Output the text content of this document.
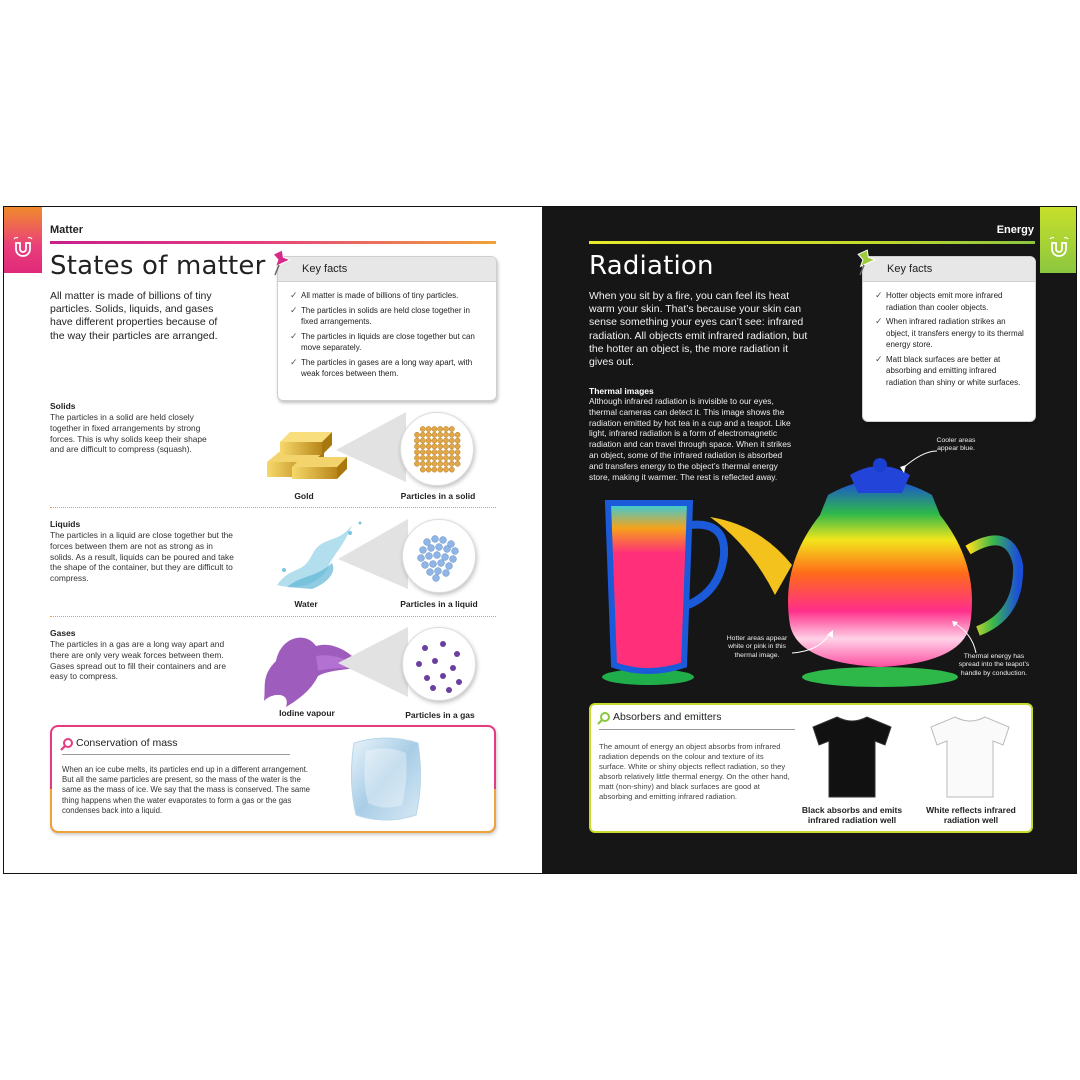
Matter
States of matter
All matter is made of billions of tiny particles. Solids, liquids, and gases have different properties because of the way their particles are arranged.
Key facts
✓ All matter is made of billions of tiny particles.
✓ The particles in solids are held close together in fixed arrangements.
✓ The particles in liquids are close together but can move separately.
✓ The particles in gases are a long way apart, with weak forces between them.
Solids
The particles in a solid are held closely together in fixed arrangements by strong forces. This is why solids keep their shape and are difficult to compress (squash).
Gold	Particles in a solid
Liquids
The particles in a liquid are close together but the forces between them are not as strong as in solids. As a result, liquids can be poured and take the shape of the container, but they are difficult to compress.
Water	Particles in a liquid
Gases
The particles in a gas are a long way apart and there are only very weak forces between them. Gases spread out to fill their containers and are easy to compress.
Iodine vapour	Particles in a gas
Conservation of mass
When an ice cube melts, its particles end up in a different arrangement. But all the same particles are present, so the mass of the water is the same as the mass of ice. We say that the mass is conserved. The same thing happens when the water evaporates to form a gas or the gas condenses back into a liquid.
Energy
Radiation
When you sit by a fire, you can feel its heat warm your skin. That’s because your skin can sense something your eyes can’t see: infrared radiation. All objects emit infrared radiation, but the hotter an object is, the more radiation it gives out.
Key facts
✓ Hotter objects emit more infrared radiation than cooler objects.
✓ When infrared radiation strikes an object, it transfers energy to its thermal energy store.
✓ Matt black surfaces are better at absorbing and emitting infrared radiation than shiny or white surfaces.
Thermal images
Although infrared radiation is invisible to our eyes, thermal cameras can detect it. This image shows the radiation emitted by hot tea in a cup and a teapot. Like light, infrared radiation is a form of electromagnetic radiation and can travel through space. When it strikes an object, some of the infrared radiation is absorbed and transfers energy to the object’s thermal energy store, making it warmer. The rest is reflected away.
Cooler areas appear blue.
Hotter areas appear white or pink in this thermal image.	Thermal energy has spread into the teapot’s handle by conduction.
Absorbers and emitters
The amount of energy an object absorbs from infrared radiation depends on the colour and texture of its surface. White or shiny objects reflect radiation, so they absorb relatively little thermal energy. On the other hand, matt (non-shiny) and black surfaces are good at absorbing and emitting infrared radiation.
Black absorbs and emits infrared radiation well
White reflects infrared radiation well
